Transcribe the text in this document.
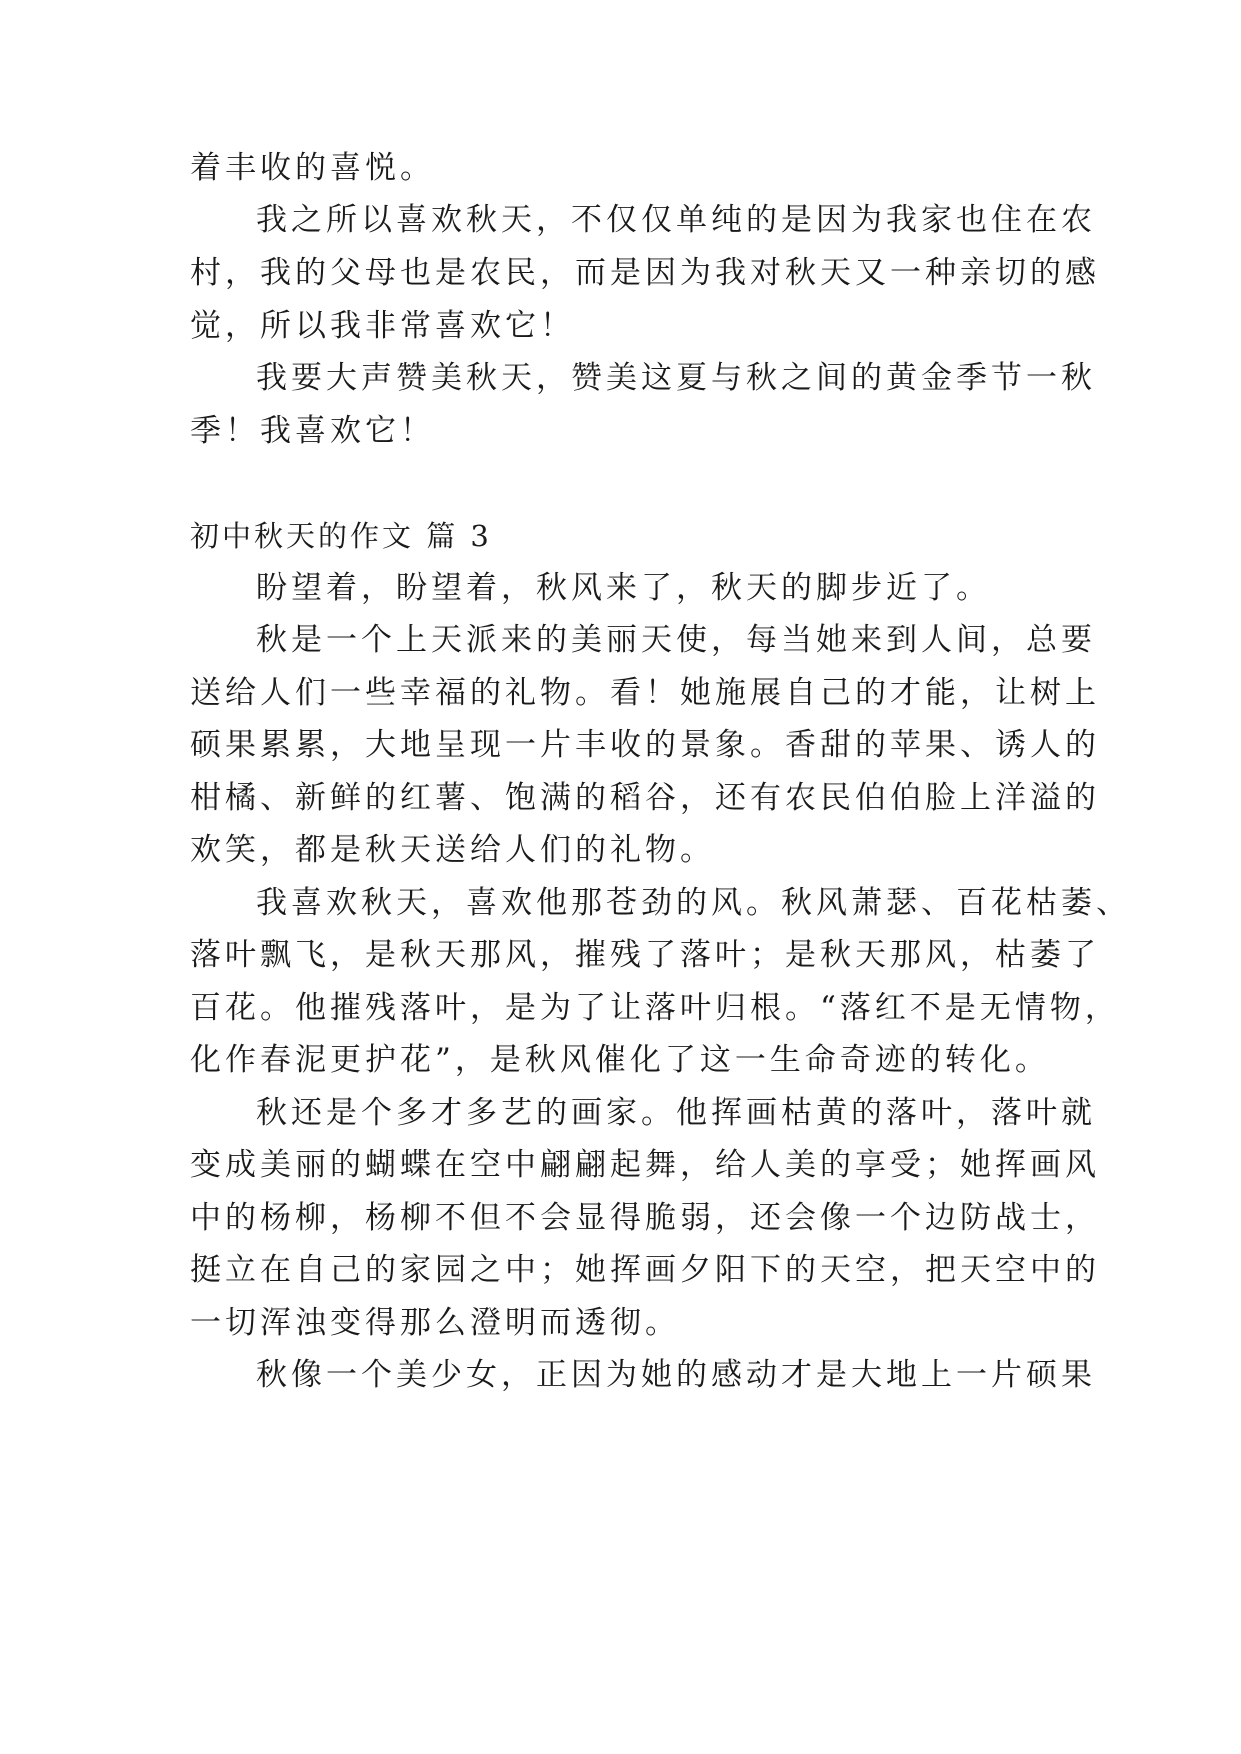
着丰收的喜悦。
我之所以喜欢秋天，不仅仅单纯的是因为我家也住在农
村，我的父母也是农民，而是因为我对秋天又一种亲切的感
觉，所以我非常喜欢它！
我要大声赞美秋天，赞美这夏与秋之间的黄金季节一秋
季！我喜欢它！
初中秋天的作文 篇 3
盼望着，盼望着，秋风来了，秋天的脚步近了。
秋是一个上天派来的美丽天使，每当她来到人间，总要
送给人们一些幸福的礼物。看！她施展自己的才能，让树上
硕果累累，大地呈现一片丰收的景象。香甜的苹果、诱人的
柑橘、新鲜的红薯、饱满的稻谷，还有农民伯伯脸上洋溢的
欢笑，都是秋天送给人们的礼物。
我喜欢秋天，喜欢他那苍劲的风。秋风萧瑟、百花枯萎、
落叶飘飞，是秋天那风，摧残了落叶；是秋天那风，枯萎了
百花。他摧残落叶，是为了让落叶归根。“落红不是无情物，
化作春泥更护花”，是秋风催化了这一生命奇迹的转化。
秋还是个多才多艺的画家。他挥画枯黄的落叶，落叶就
变成美丽的蝴蝶在空中翩翩起舞，给人美的享受；她挥画风
中的杨柳，杨柳不但不会显得脆弱，还会像一个边防战士，
挺立在自己的家园之中；她挥画夕阳下的天空，把天空中的
一切浑浊变得那么澄明而透彻。
秋像一个美少女，正因为她的感动才是大地上一片硕果
